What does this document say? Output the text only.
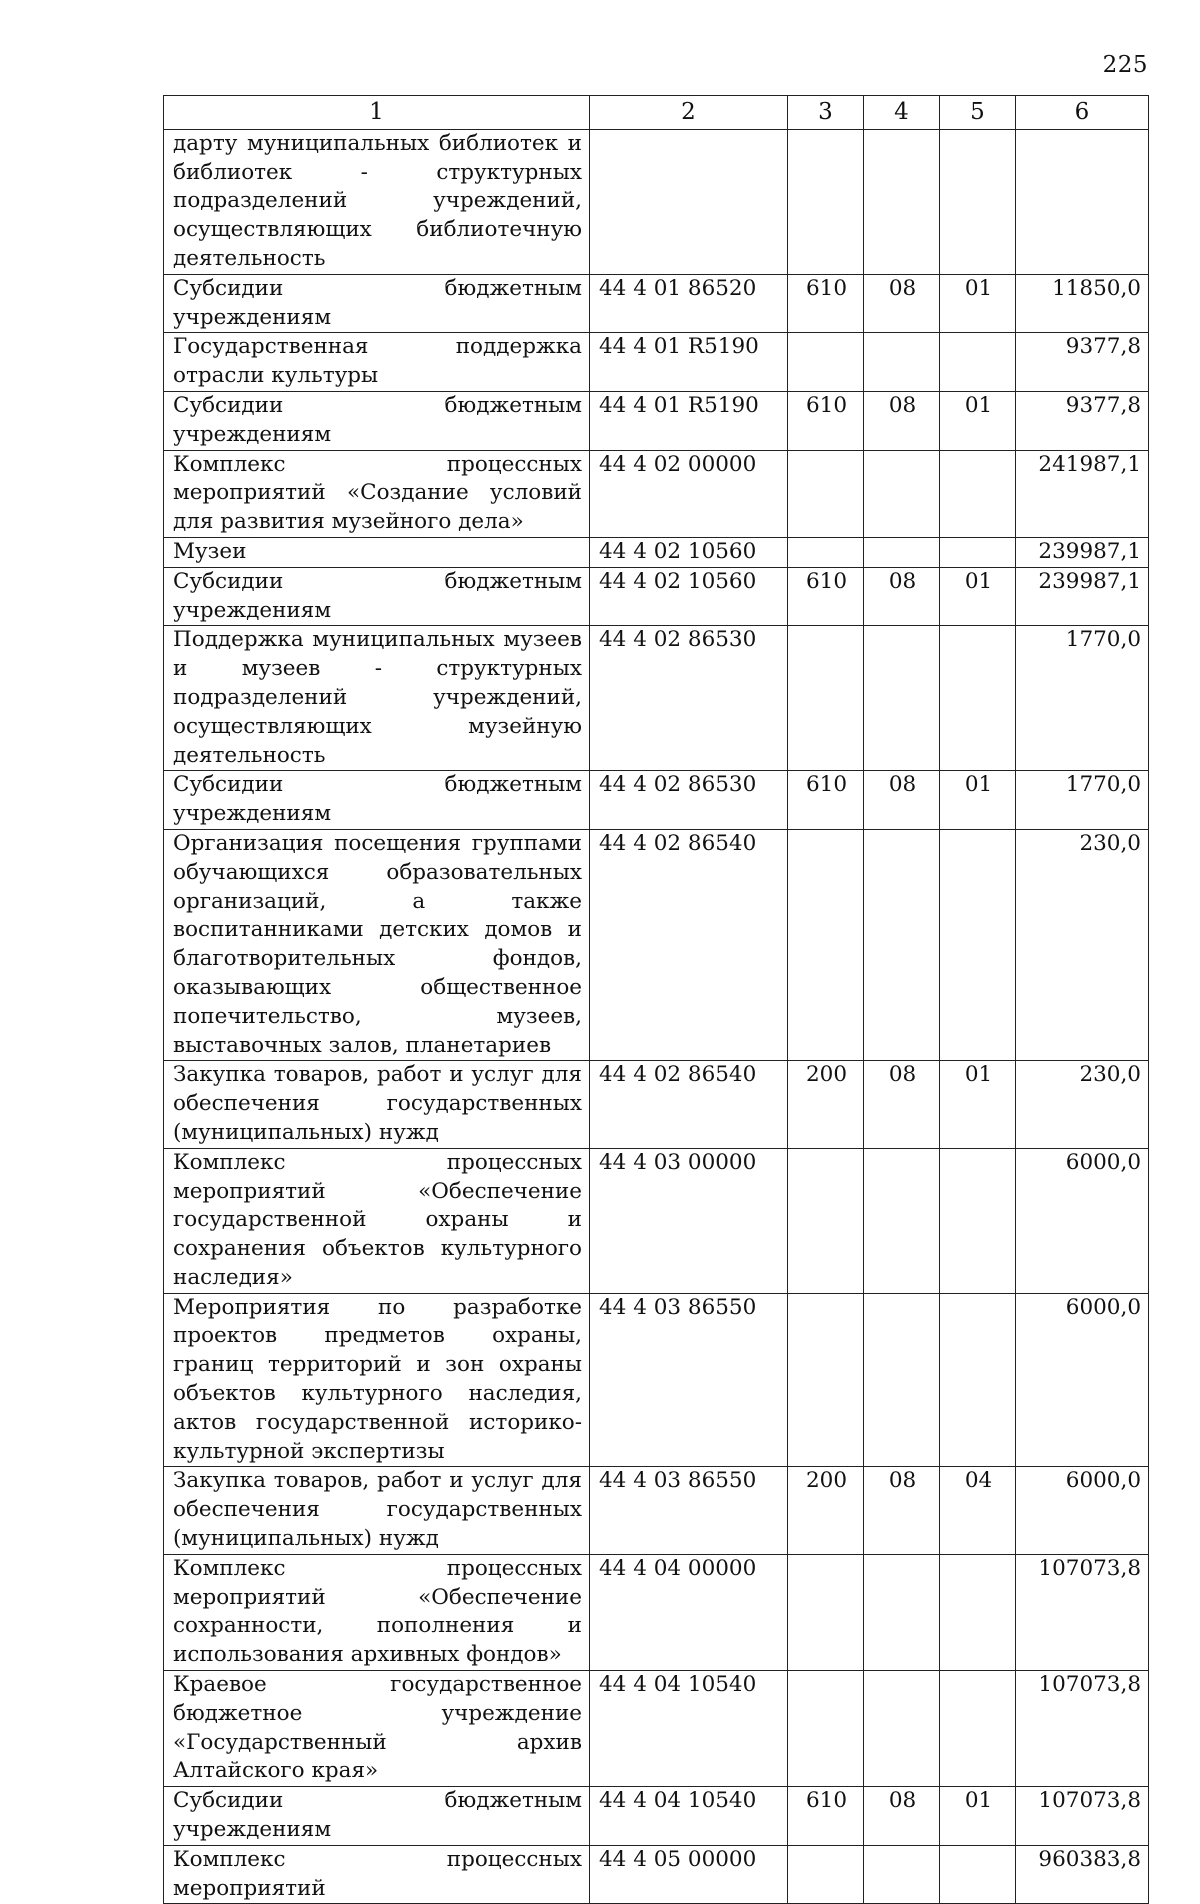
225
1	2	3	4	5	6
дарту муниципальных библиотек и библиотек - структурных подразделений учреждений, осуществляющих библиотечную деятельность					
Субсидии бюджетным учреждениям	44 4 01 86520	610	08	01	11850,0
Государственная поддержка отрасли культуры	44 4 01 R5190				9377,8
Субсидии бюджетным учреждениям	44 4 01 R5190	610	08	01	9377,8
Комплекс процессных мероприятий «Создание условий для развития музейного дела»	44 4 02 00000				241987,1
Музеи	44 4 02 10560				239987,1
Субсидии бюджетным учреждениям	44 4 02 10560	610	08	01	239987,1
Поддержка муниципальных музеев и музеев - структурных подразделений учреждений, осуществляющих музейную деятельность	44 4 02 86530				1770,0
Субсидии бюджетным учреждениям	44 4 02 86530	610	08	01	1770,0
Организация посещения группами обучающихся образовательных организаций, а также воспитанниками детских домов и благотворительных фондов, оказывающих общественное попечительство, музеев, выставочных залов, планетариев	44 4 02 86540				230,0
Закупка товаров, работ и услуг для обеспечения государственных (муниципальных) нужд	44 4 02 86540	200	08	01	230,0
Комплекс процессных мероприятий «Обеспечение государственной охраны и сохранения объектов культурного наследия»	44 4 03 00000				6000,0
Мероприятия по разработке проектов предметов охраны, границ территорий и зон охраны объектов культурного наследия, актов государственной историко-культурной экспертизы	44 4 03 86550				6000,0
Закупка товаров, работ и услуг для обеспечения государственных (муниципальных) нужд	44 4 03 86550	200	08	04	6000,0
Комплекс процессных мероприятий «Обеспечение сохранности, пополнения и использования архивных фондов»	44 4 04 00000				107073,8
Краевое государственное бюджетное учреждение «Государственный архив Алтайского края»	44 4 04 10540				107073,8
Субсидии бюджетным учреждениям	44 4 04 10540	610	08	01	107073,8
Комплекс процессных мероприятий	44 4 05 00000				960383,8
